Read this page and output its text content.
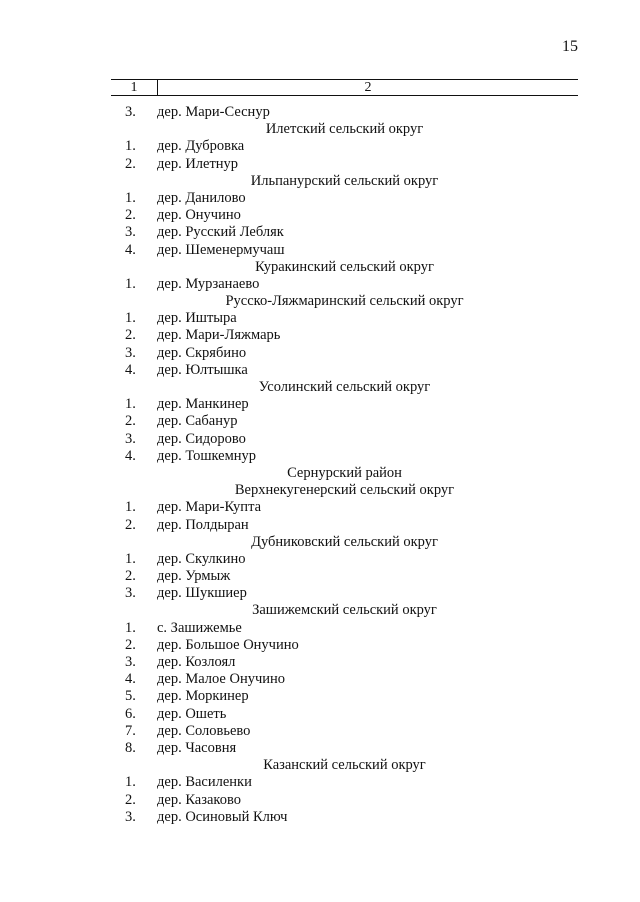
15
1	2
3. дер. Мари-Сеснур
Илетский сельский округ
1. дер. Дубровка
2. дер. Илетнур
Ильпанурский сельский округ
1. дер. Данилово
2. дер. Онучино
3. дер. Русский Лебляк
4. дер. Шеменермучаш
Куракинский сельский округ
1. дер. Мурзанаево
Русско-Ляжмаринский сельский округ
1. дер. Иштыра
2. дер. Мари-Ляжмарь
3. дер. Скрябино
4. дер. Юлтышка
Усолинский сельский округ
1. дер. Манкинер
2. дер. Сабанур
3. дер. Сидорово
4. дер. Тошкемнур
Сернурский район
Верхнекугенерский сельский округ
1. дер. Мари-Купта
2. дер. Полдыран
Дубниковский сельский округ
1. дер. Скулкино
2. дер. Урмыж
3. дер. Шукшиер
Зашижемский сельский округ
1. с. Зашижемье
2. дер. Большое Онучино
3. дер. Козлоял
4. дер. Малое Онучино
5. дер. Моркинер
6. дер. Ошеть
7. дер. Соловьево
8. дер. Часовня
Казанский сельский округ
1. дер. Василенки
2. дер. Казаково
3. дер. Осиновый Ключ
